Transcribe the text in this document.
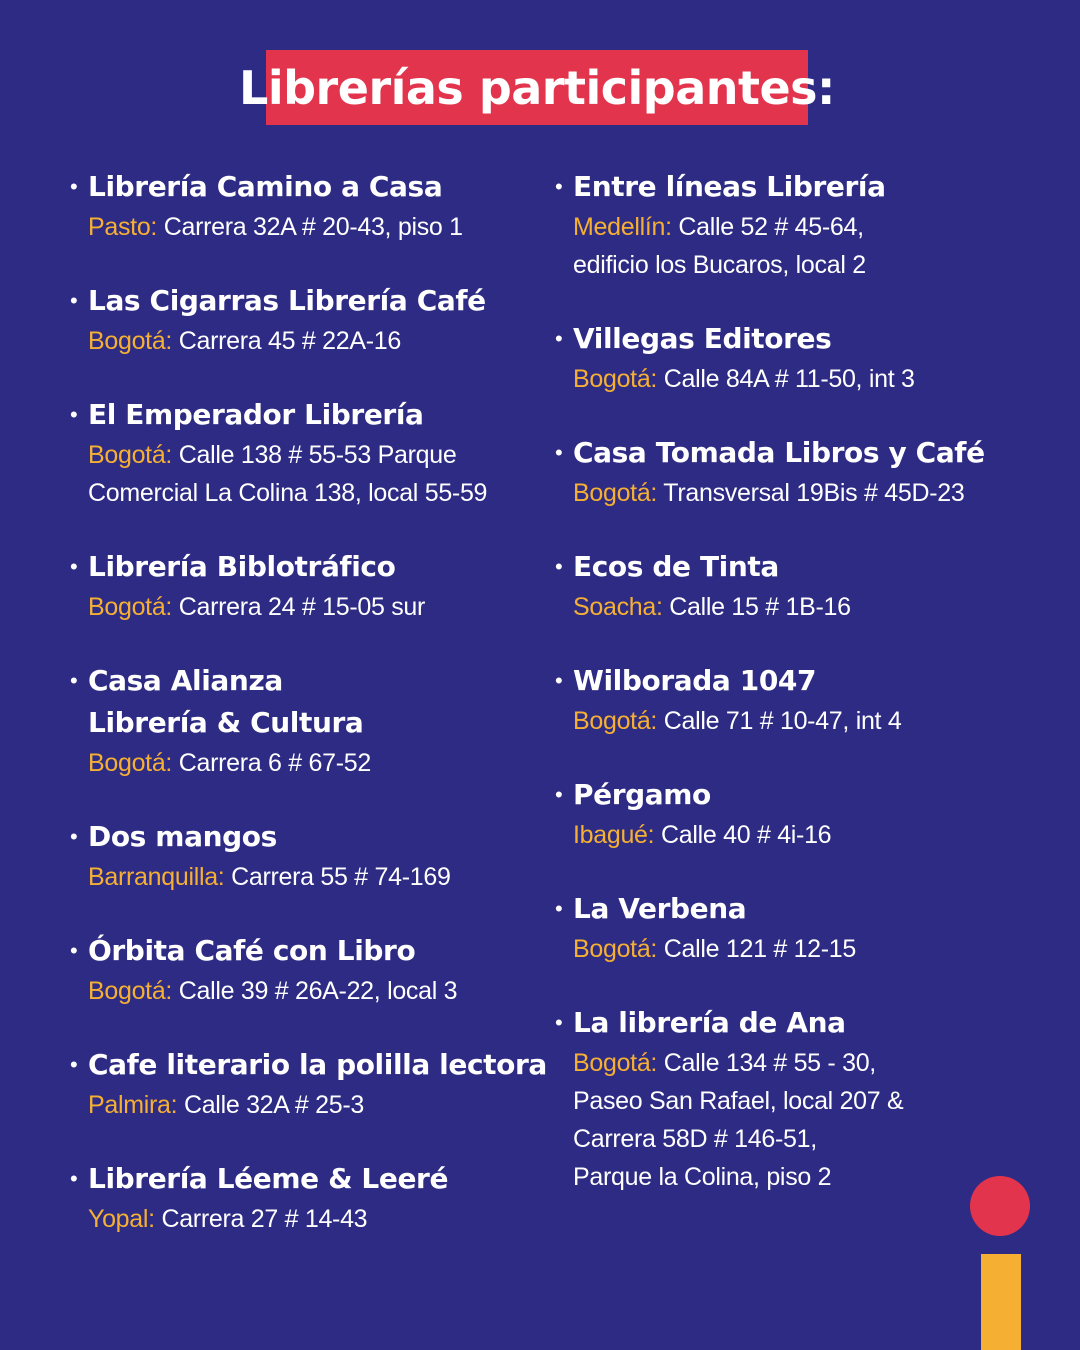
Librerías participantes:
• Librería Camino a Casa
Pasto: Carrera 32A # 20-43, piso 1
• Las Cigarras Librería Café
Bogotá: Carrera 45 # 22A-16
• El Emperador Librería
Bogotá: Calle 138 # 55-53 Parque
Comercial La Colina 138, local 55-59
• Librería Biblotráfico
Bogotá: Carrera 24 # 15-05 sur
• Casa Alianza
Librería & Cultura
Bogotá: Carrera 6 # 67-52
• Dos mangos
Barranquilla: Carrera 55 # 74-169
• Órbita Café con Libro
Bogotá: Calle 39 # 26A-22, local 3
• Cafe literario la polilla lectora
Palmira: Calle 32A # 25-3
• Librería Léeme & Leeré
Yopal: Carrera 27 # 14-43
• Entre líneas Librería
Medellín: Calle 52 # 45-64,
edificio los Bucaros, local 2
• Villegas Editores
Bogotá: Calle 84A # 11-50, int 3
• Casa Tomada Libros y Café
Bogotá: Transversal 19Bis # 45D-23
• Ecos de Tinta
Soacha: Calle 15 # 1B-16
• Wilborada 1047
Bogotá: Calle 71 # 10-47, int 4
• Pérgamo
Ibagué: Calle 40 # 4i-16
• La Verbena
Bogotá: Calle 121 # 12-15
• La librería de Ana
Bogotá: Calle 134 # 55 - 30,
Paseo San Rafael, local 207 &
Carrera 58D # 146-51,
Parque la Colina, piso 2
